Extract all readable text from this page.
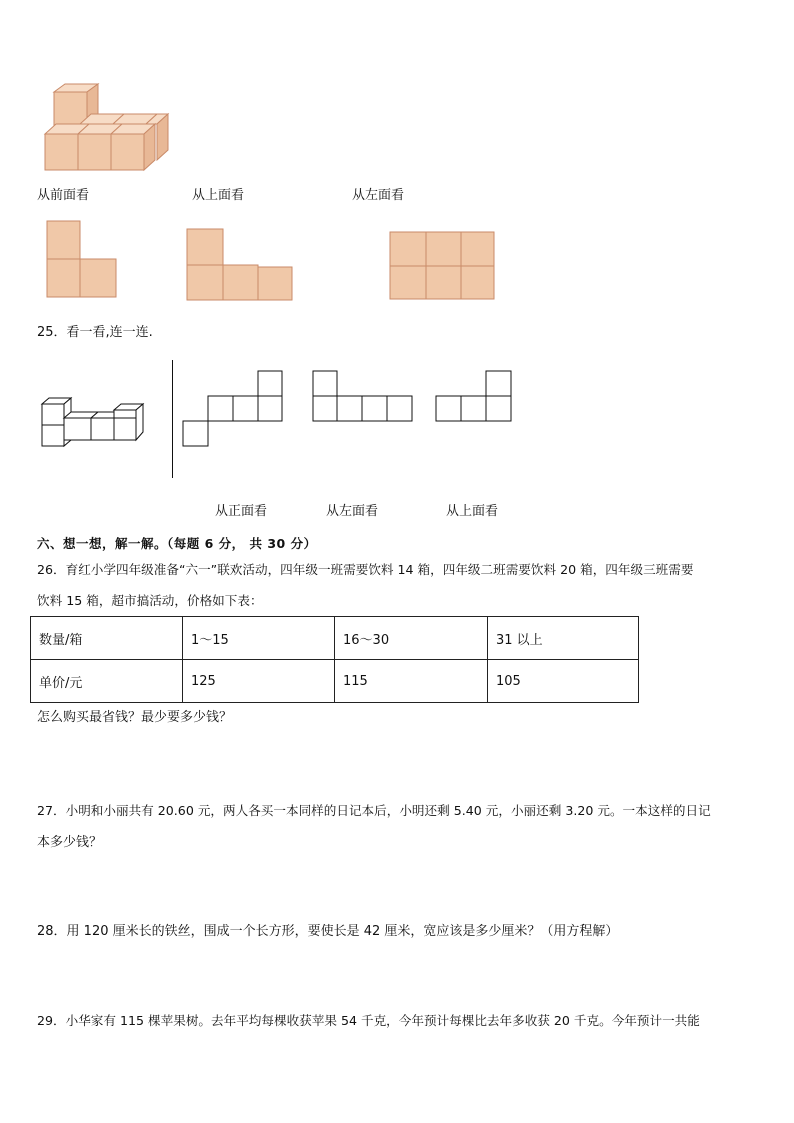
从前面看	从上面看	从左面看
25．看一看,连一连.
从正面看	从左面看	从上面看
六、想一想，解一解。（每题 6 分， 共 30 分）
26．育红小学四年级准备“六一”联欢活动，四年级一班需要饮料 14 箱，四年级二班需要饮料 20 箱，四年级三班需要
饮料 15 箱，超市搞活动，价格如下表：
数量/箱	1～15	16～30	31 以上
单价/元	125	115	105
怎么购买最省钱？最少要多少钱？
27．小明和小丽共有 20.60 元，两人各买一本同样的日记本后，小明还剩 5.40 元，小丽还剩 3.20 元。一本这样的日记
本多少钱？
28．用 120 厘米长的铁丝，围成一个长方形，要使长是 42 厘米，宽应该是多少厘米？（用方程解）
29．小华家有 115 棵苹果树。去年平均每棵收获苹果 54 千克，今年预计每棵比去年多收获 20 千克。今年预计一共能
